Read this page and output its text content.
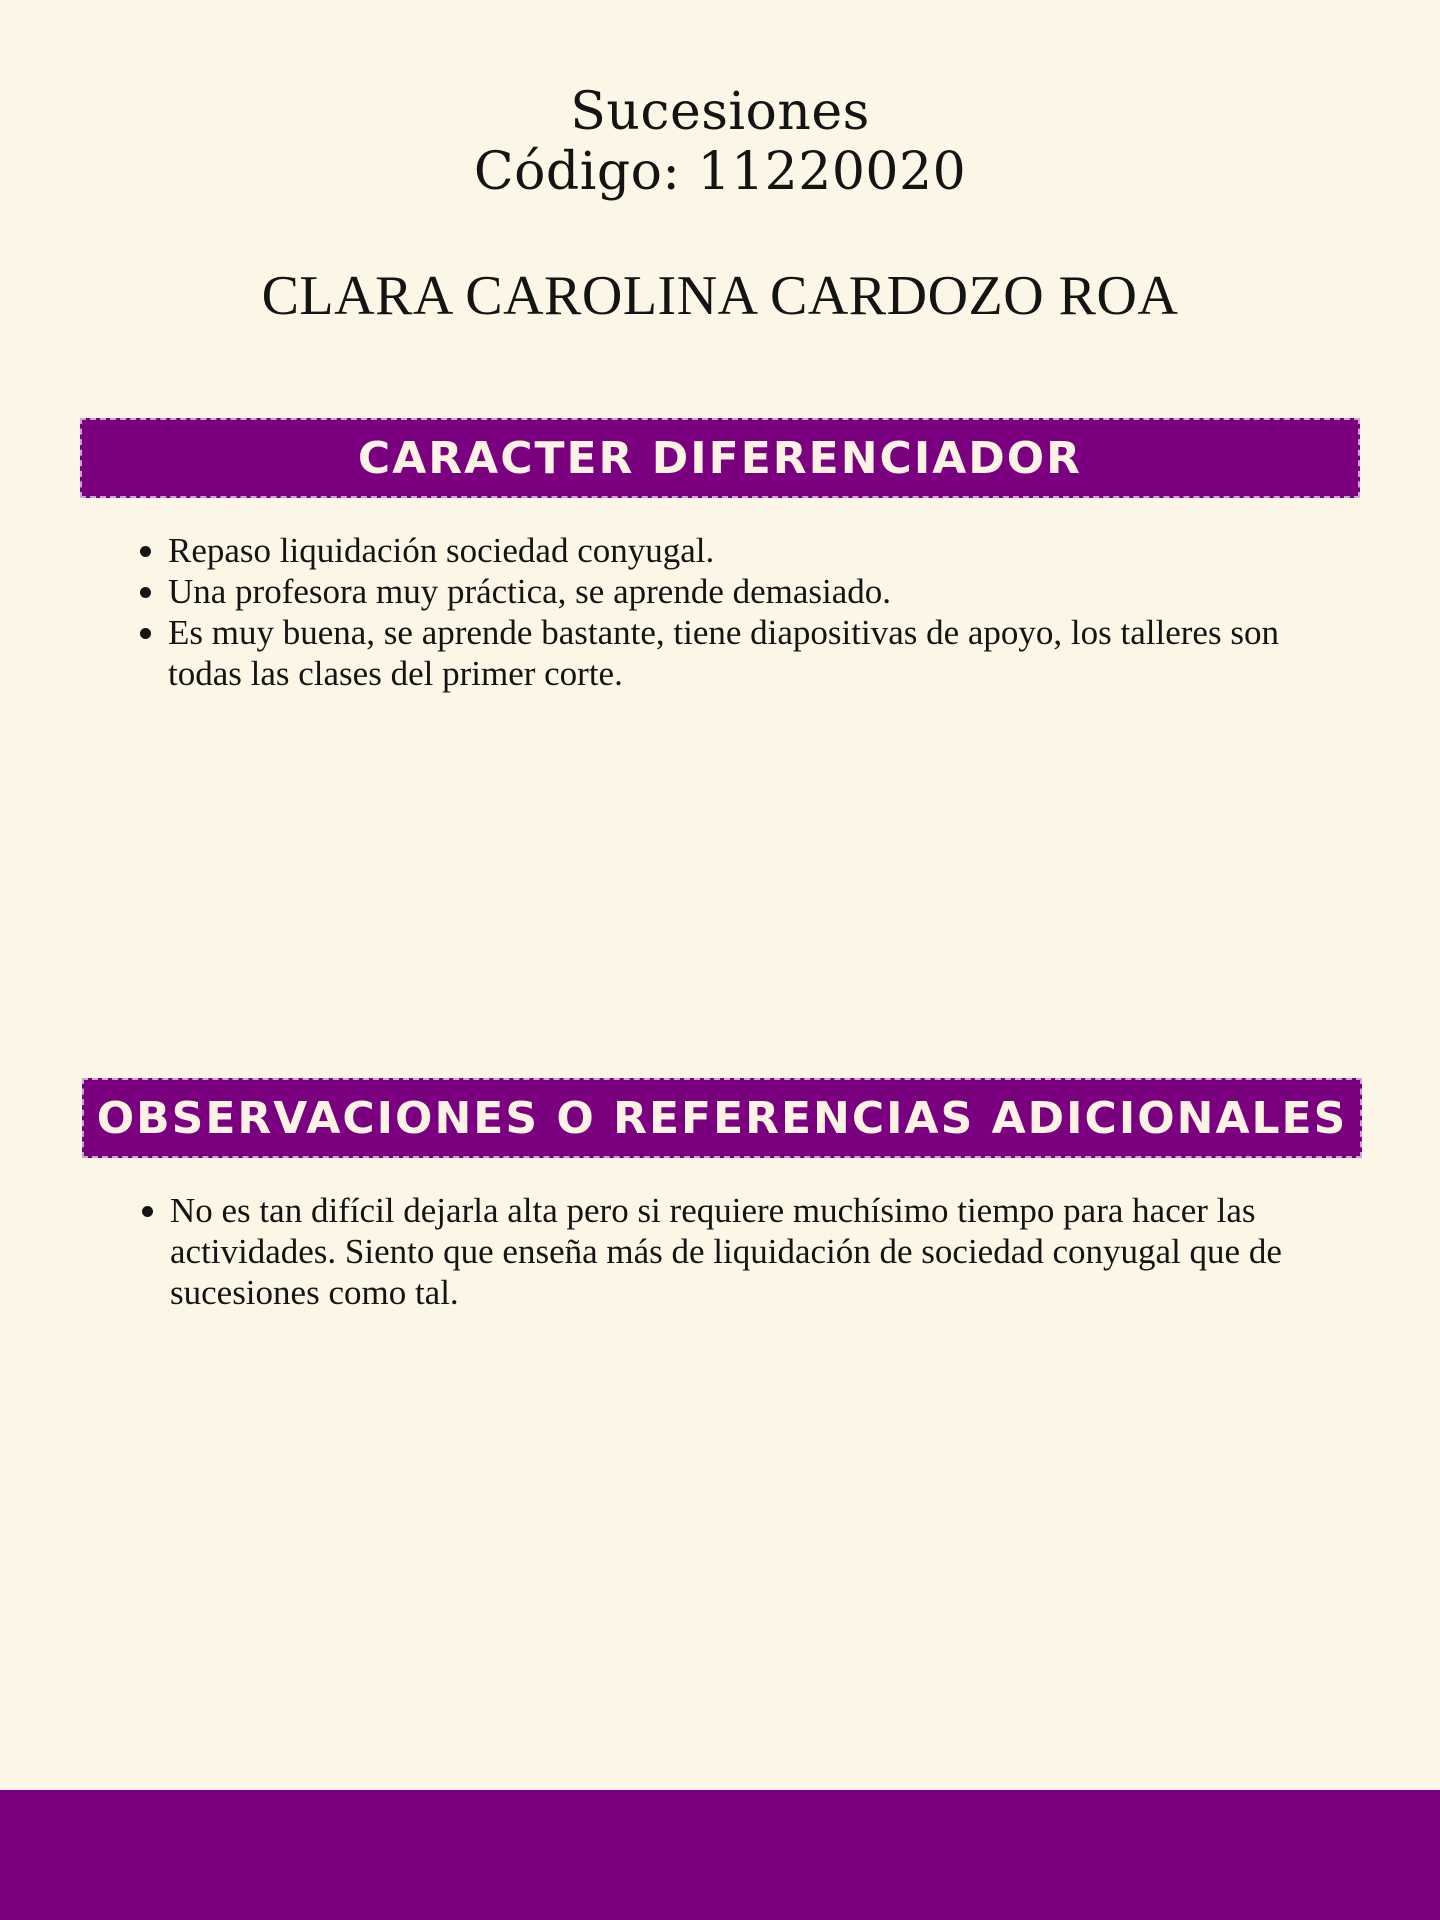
Sucesiones
Código: 11220020
CLARA CAROLINA CARDOZO ROA
CARACTER DIFERENCIADOR
Repaso liquidación sociedad conyugal.
Una profesora muy práctica, se aprende demasiado.
Es muy buena, se aprende bastante, tiene diapositivas de apoyo, los talleres son todas las clases del primer corte.
OBSERVACIONES O REFERENCIAS ADICIONALES
No es tan difícil dejarla alta pero si requiere muchísimo tiempo para hacer las actividades. Siento que enseña más de liquidación de sociedad conyugal que de sucesiones como tal.
